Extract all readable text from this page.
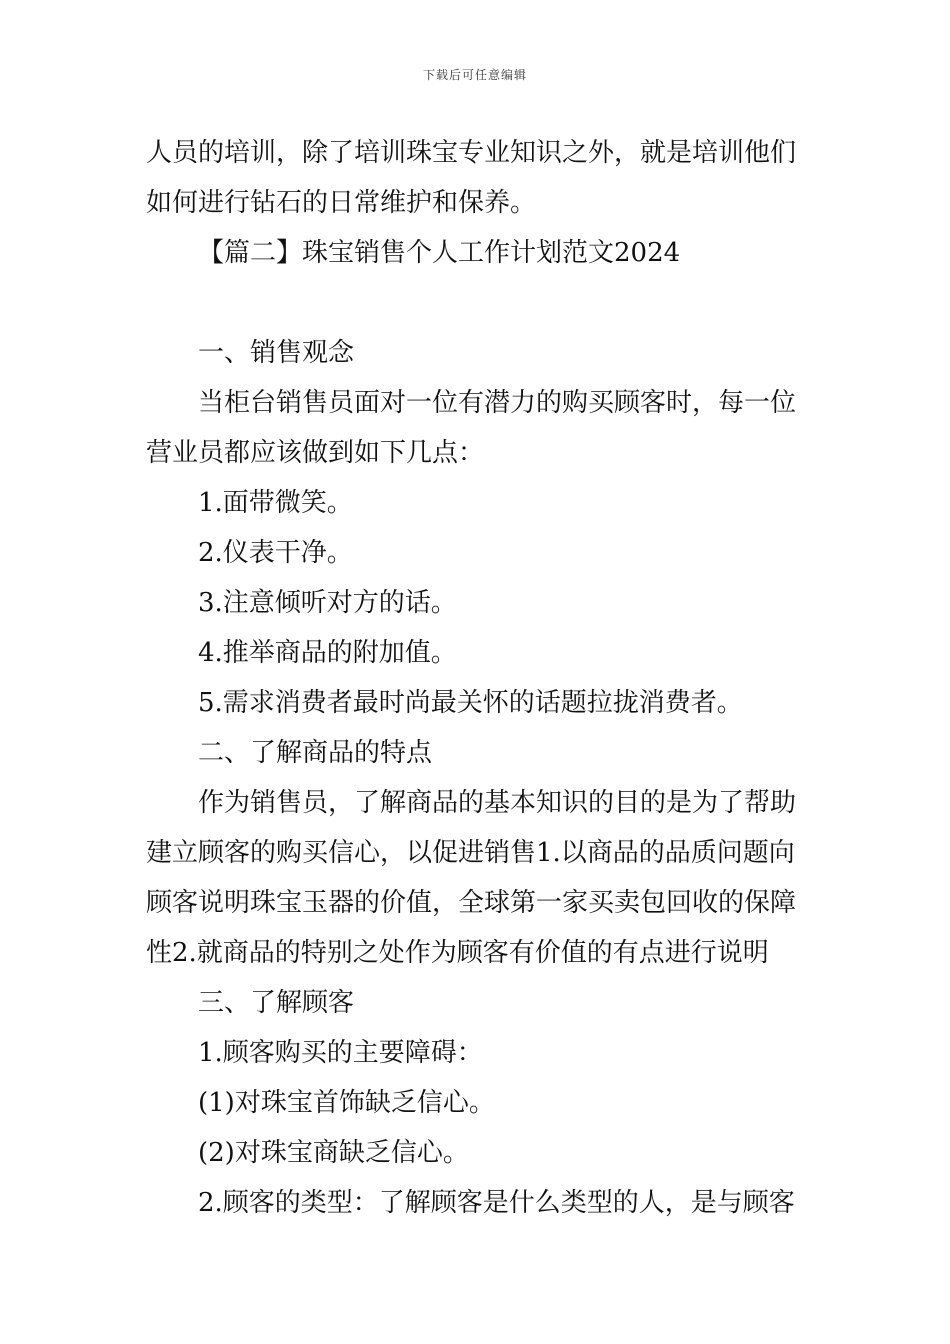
下载后可任意编辑
人员的培训，除了培训珠宝专业知识之外，就是培训他们
如何进行钻石的日常维护和保养。
【篇二】珠宝销售个人工作计划范文2024
一、销售观念
当柜台销售员面对一位有潜力的购买顾客时，每一位
营业员都应该做到如下几点：
1.面带微笑。
2.仪表干净。
3.注意倾听对方的话。
4.推举商品的附加值。
5.需求消费者最时尚最关怀的话题拉拢消费者。
二、了解商品的特点
作为销售员，了解商品的基本知识的目的是为了帮助
建立顾客的购买信心，以促进销售1.以商品的品质问题向
顾客说明珠宝玉器的价值，全球第一家买卖包回收的保障
性2.就商品的特别之处作为顾客有价值的有点进行说明
三、了解顾客
1.顾客购买的主要障碍：
(1)对珠宝首饰缺乏信心。
(2)对珠宝商缺乏信心。
2.顾客的类型：了解顾客是什么类型的人，是与顾客
